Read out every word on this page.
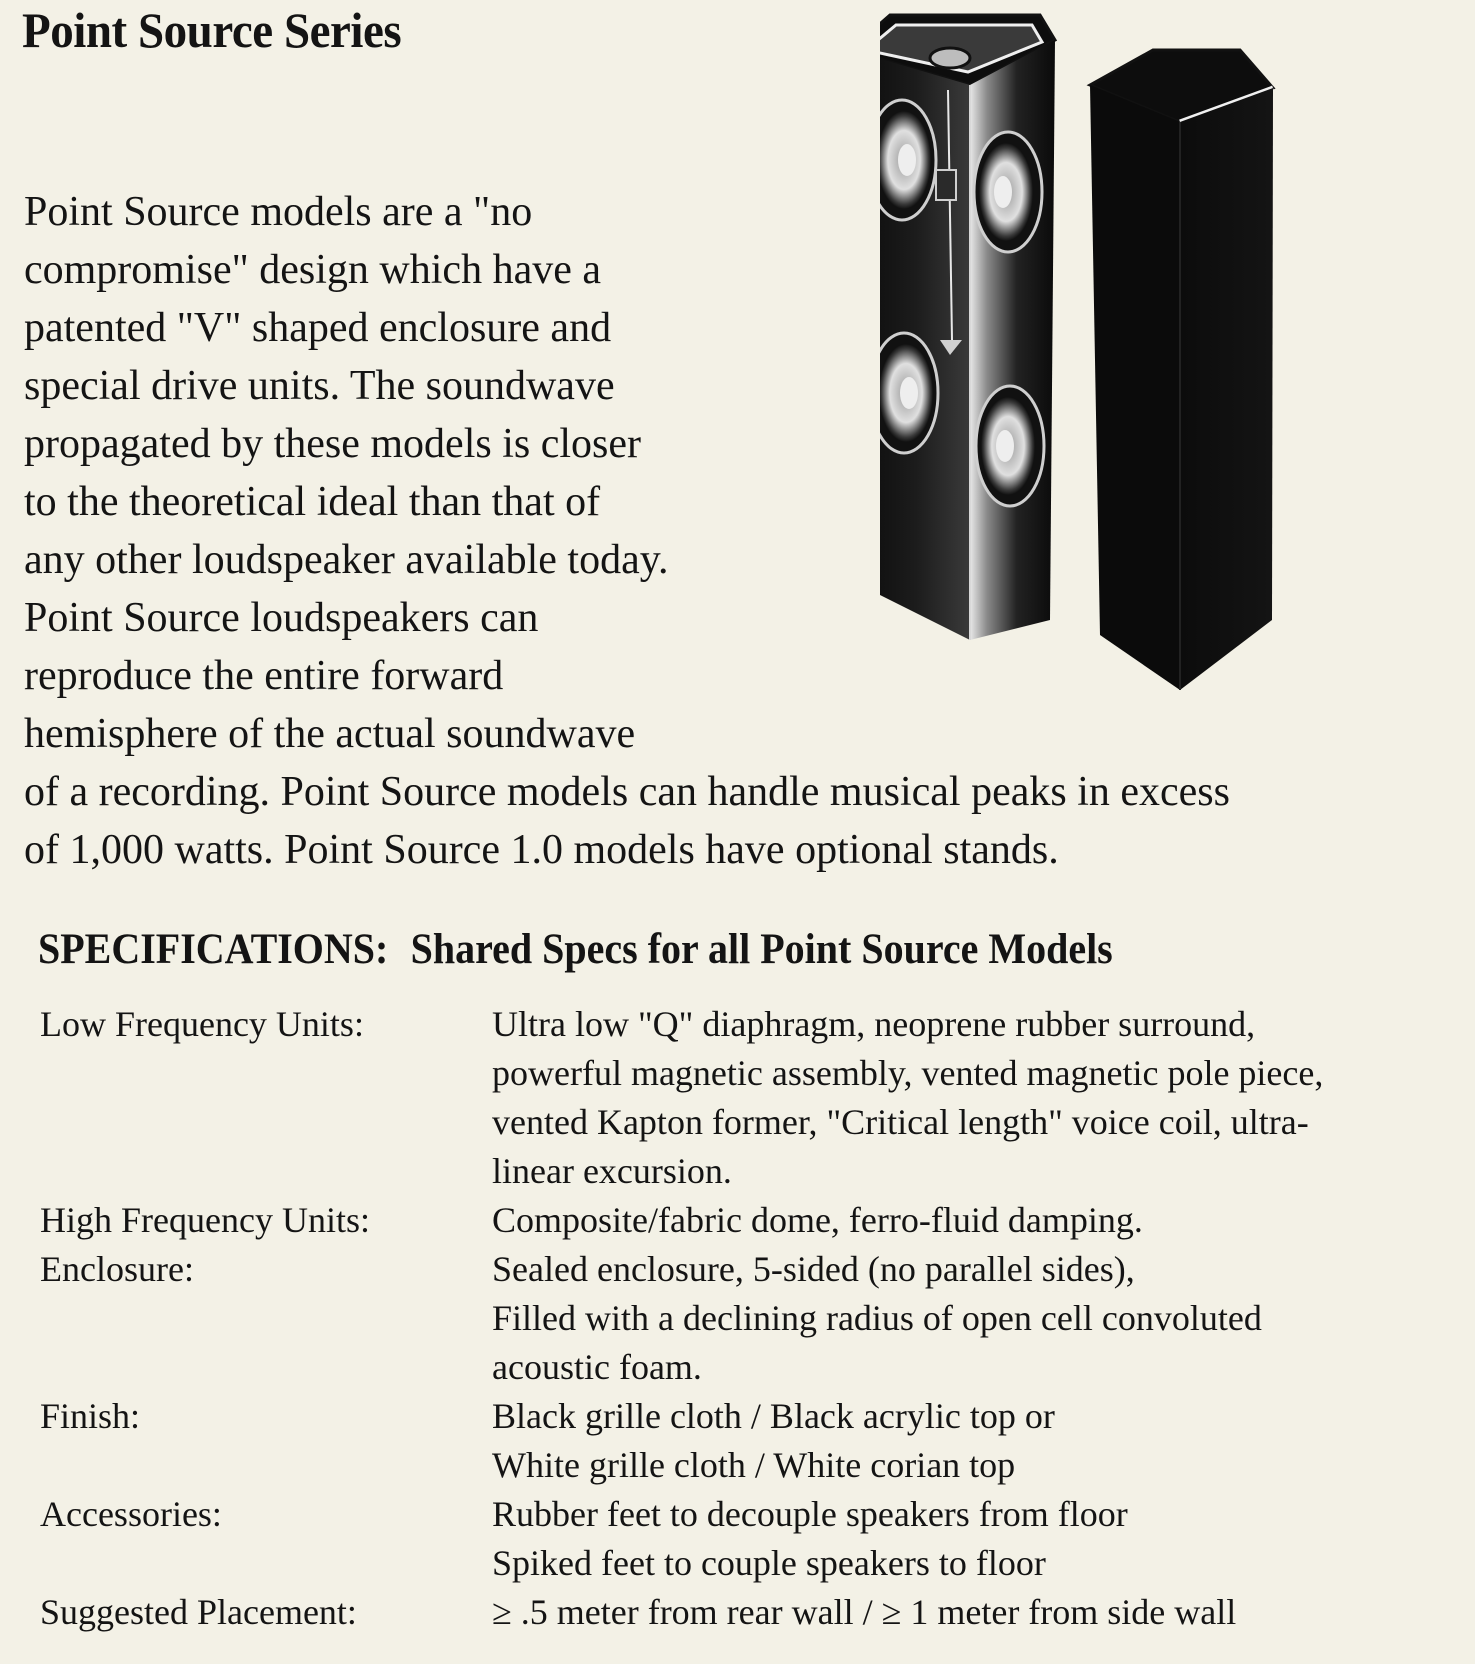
Point Source Series

Point Source models are a "no
compromise" design which have a
patented "V" shaped enclosure and
special drive units. The soundwave
propagated by these models is closer
to the theoretical ideal than that of
any other loudspeaker available today.
Point Source loudspeakers can
reproduce the entire forward
hemisphere of the actual soundwave
of a recording. Point Source models can handle musical peaks in excess
of 1,000 watts. Point Source 1.0 models have optional stands.

SPECIFICATIONS: Shared Specs for all Point Source Models
Low Frequency Units:	Ultra low "Q" diaphragm, neoprene rubber surround,
powerful magnetic assembly, vented magnetic pole piece,
vented Kapton former, "Critical length" voice coil, ultra-
linear excursion.
High Frequency Units:	Composite/fabric dome, ferro-fluid damping.
Enclosure:	Sealed enclosure, 5-sided (no parallel sides),
Filled with a declining radius of open cell convoluted
acoustic foam.
Finish:	Black grille cloth / Black acrylic top or
White grille cloth / White corian top
Accessories:	Rubber feet to decouple speakers from floor
Spiked feet to couple speakers to floor
Suggested Placement:	≥ .5 meter from rear wall / ≥ 1 meter from side wall
